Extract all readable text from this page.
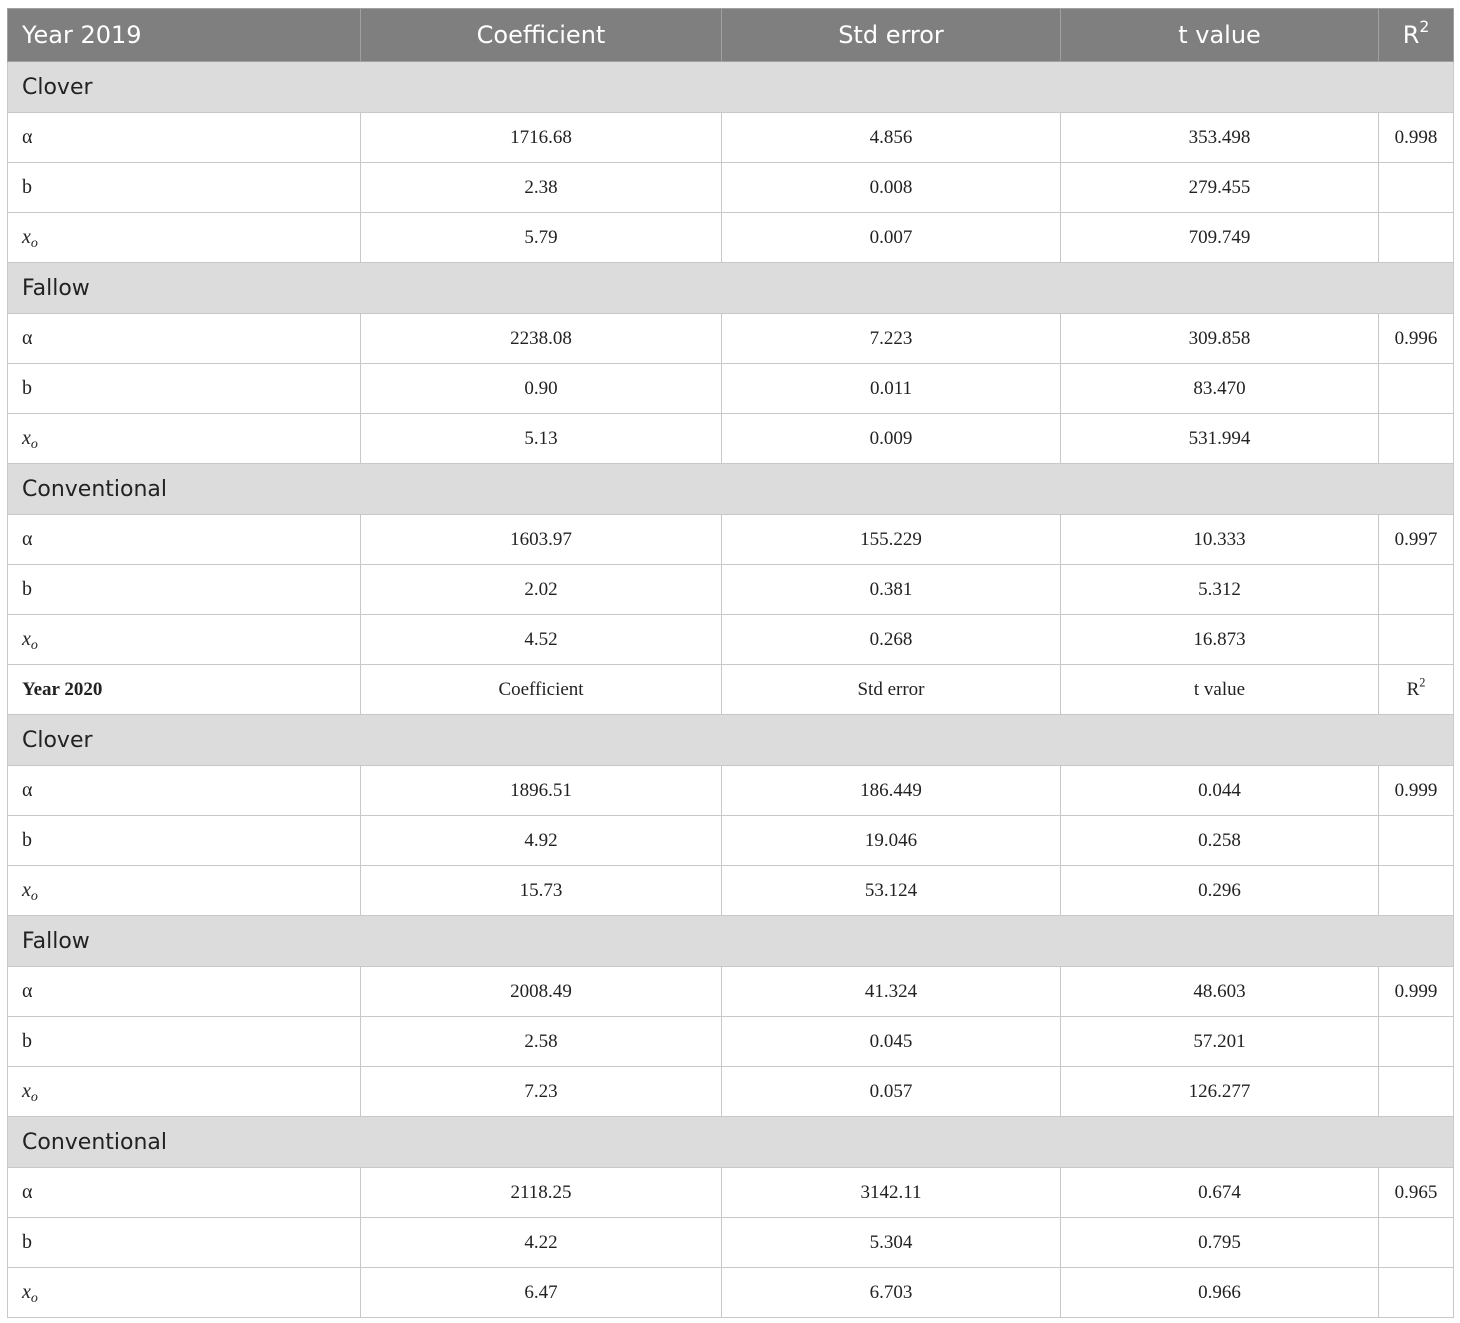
Year 2019	Coefficient	Std error	t value	$R^2$
Clover				
α	1716.68	4.856	353.498	0.998
b	2.38	0.008	279.455	
$x_o$	5.79	0.007	709.749	
Fallow				
α	2238.08	7.223	309.858	0.996
b	0.90	0.011	83.470	
$x_o$	5.13	0.009	531.994	
Conventional				
α	1603.97	155.229	10.333	0.997
b	2.02	0.381	5.312	
$x_o$	4.52	0.268	16.873	
Year 2020	Coefficient	Std error	t value	$R^2$
Clover				
α	1896.51	186.449	0.044	0.999
b	4.92	19.046	0.258	
$x_o$	15.73	53.124	0.296	
Fallow				
α	2008.49	41.324	48.603	0.999
b	2.58	0.045	57.201	
$x_o$	7.23	0.057	126.277	
Conventional				
α	2118.25	3142.11	0.674	0.965
b	4.22	5.304	0.795	
$x_o$	6.47	6.703	0.966	
